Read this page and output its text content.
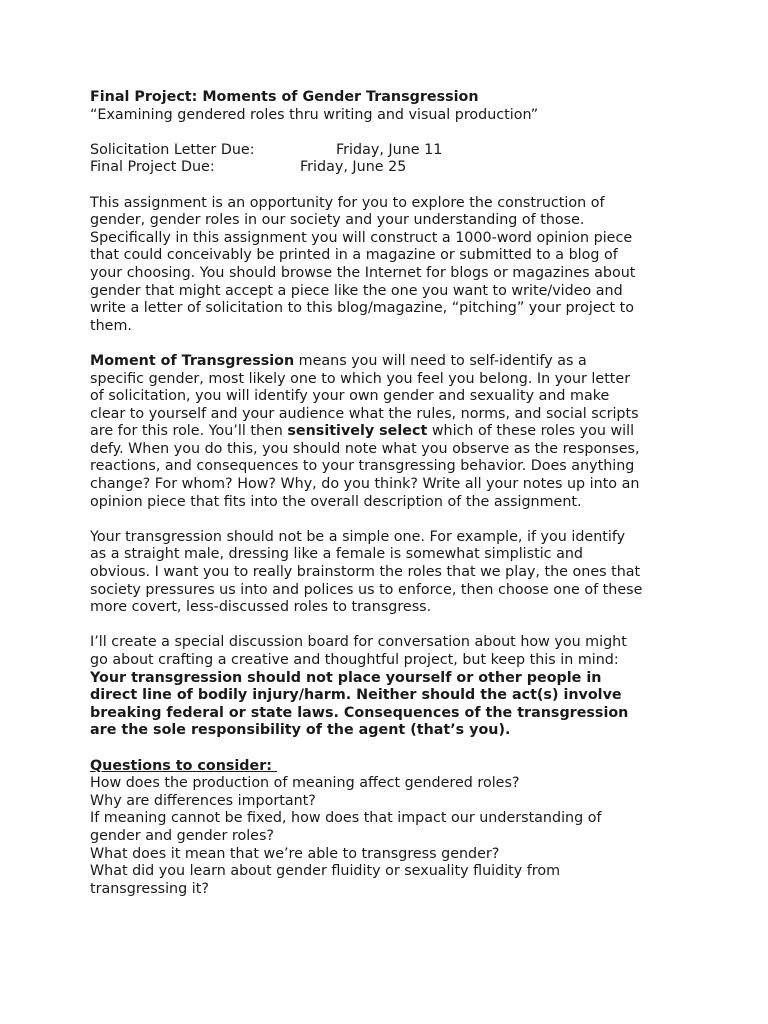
Final Project: Moments of Gender Transgression
“Examining gendered roles thru writing and visual production”
Solicitation Letter Due:	Friday, June 11
Final Project Due:	Friday, June 25
This assignment is an opportunity for you to explore the construction of
gender, gender roles in our society and your understanding of those.
Specifically in this assignment you will construct a 1000-word opinion piece
that could conceivably be printed in a magazine or submitted to a blog of
your choosing. You should browse the Internet for blogs or magazines about
gender that might accept a piece like the one you want to write/video and
write a letter of solicitation to this blog/magazine, “pitching” your project to
them.
Moment of Transgression means you will need to self-identify as a
specific gender, most likely one to which you feel you belong. In your letter
of solicitation, you will identify your own gender and sexuality and make
clear to yourself and your audience what the rules, norms, and social scripts
are for this role. You’ll then sensitively select which of these roles you will
defy. When you do this, you should note what you observe as the responses,
reactions, and consequences to your transgressing behavior. Does anything
change? For whom? How? Why, do you think? Write all your notes up into an
opinion piece that fits into the overall description of the assignment.
Your transgression should not be a simple one. For example, if you identify
as a straight male, dressing like a female is somewhat simplistic and
obvious. I want you to really brainstorm the roles that we play, the ones that
society pressures us into and polices us to enforce, then choose one of these
more covert, less-discussed roles to transgress.
I’ll create a special discussion board for conversation about how you might
go about crafting a creative and thoughtful project, but keep this in mind:
Your transgression should not place yourself or other people in
direct line of bodily injury/harm. Neither should the act(s) involve
breaking federal or state laws. Consequences of the transgression
are the sole responsibility of the agent (that’s you).
Questions to consider:
How does the production of meaning affect gendered roles?
Why are differences important?
If meaning cannot be fixed, how does that impact our understanding of
gender and gender roles?
What does it mean that we’re able to transgress gender?
What did you learn about gender fluidity or sexuality fluidity from
transgressing it?
